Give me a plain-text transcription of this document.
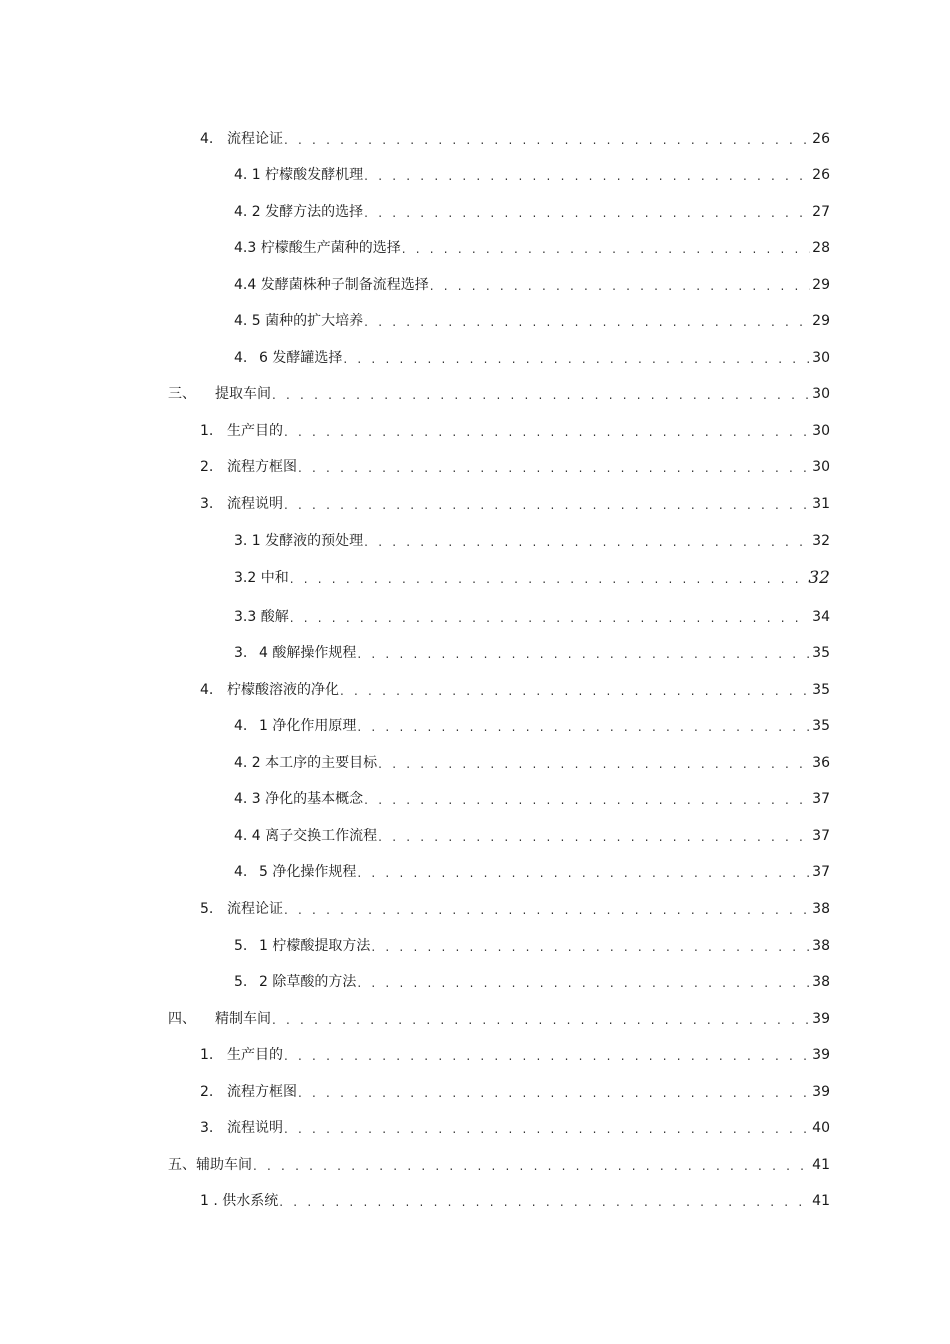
4. 流程论证 . . .	26
4. 1 柠檬酸发酵机理 . . .	26
4. 2 发酵方法的选择 . . .	27
4.3 柠檬酸生产菌种的选择 . . .	28
4.4 发酵菌株种子制备流程选择 . . .	29
4. 5 菌种的扩大培养 . . .	29
4. 6 发酵罐选择 . . .	30
三、	提取车间 . . .	30
1. 生产目的 . . .	30
2. 流程方框图 . . .	30
3. 流程说明 . . .	31
3. 1 发酵液的预处理 . . .	32
3.2 中和 . . .	32
3.3 酸解 . . .	34
3. 4 酸解操作规程 . . .	35
4. 柠檬酸溶液的净化 . . .	35
4. 1 净化作用原理 . . .	35
4. 2 本工序的主要目标 . . .	36
4. 3 净化的基本概念 . . .	37
4. 4 离子交换工作流程 . . .	37
4. 5 净化操作规程 . . .	37
5. 流程论证 . . .	38
5. 1 柠檬酸提取方法 . . .	38
5. 2 除草酸的方法 . . .	38
四、	精制车间 . . .	39
1. 生产目的 . . .	39
2. 流程方框图 . . .	39
3. 流程说明 . . .	40
五、辅助车间 . . .	41
1 . 供水系统 . . .	41
